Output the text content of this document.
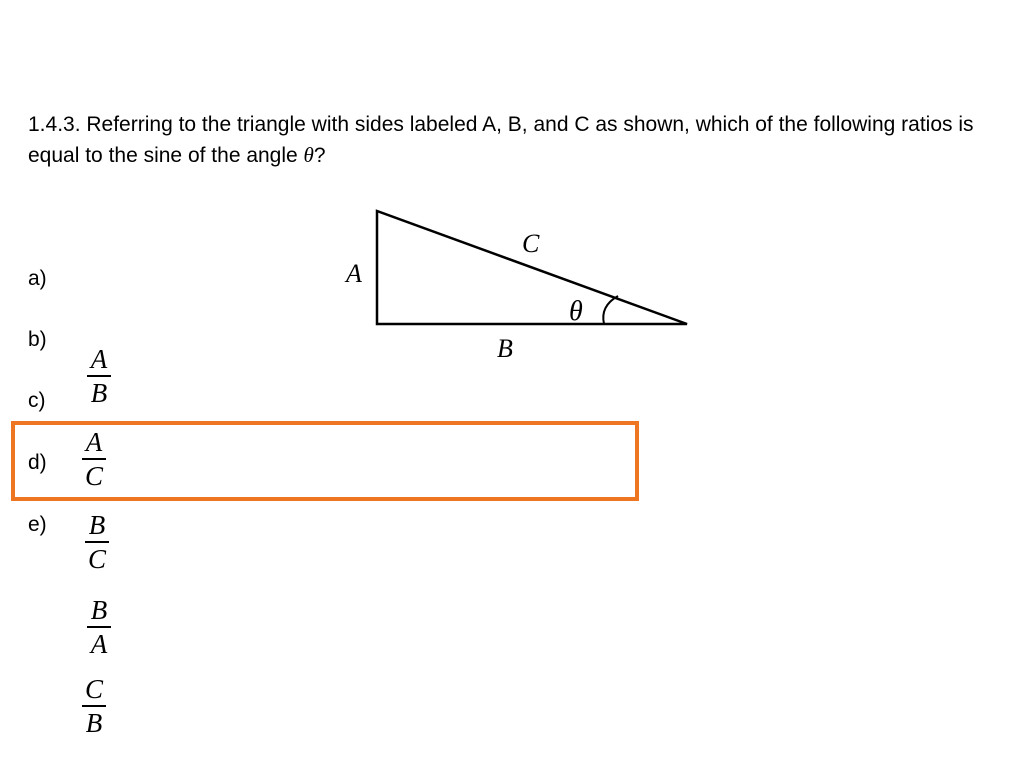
1.4.3. Referring to the triangle with sides labeled A, B, and C as shown, which of the following ratios is equal to the sine of the angle θ?
A
B
C
θ
a)
b)
c)
d)
e)
A
B
A
C
B
C
B
A
C
B
